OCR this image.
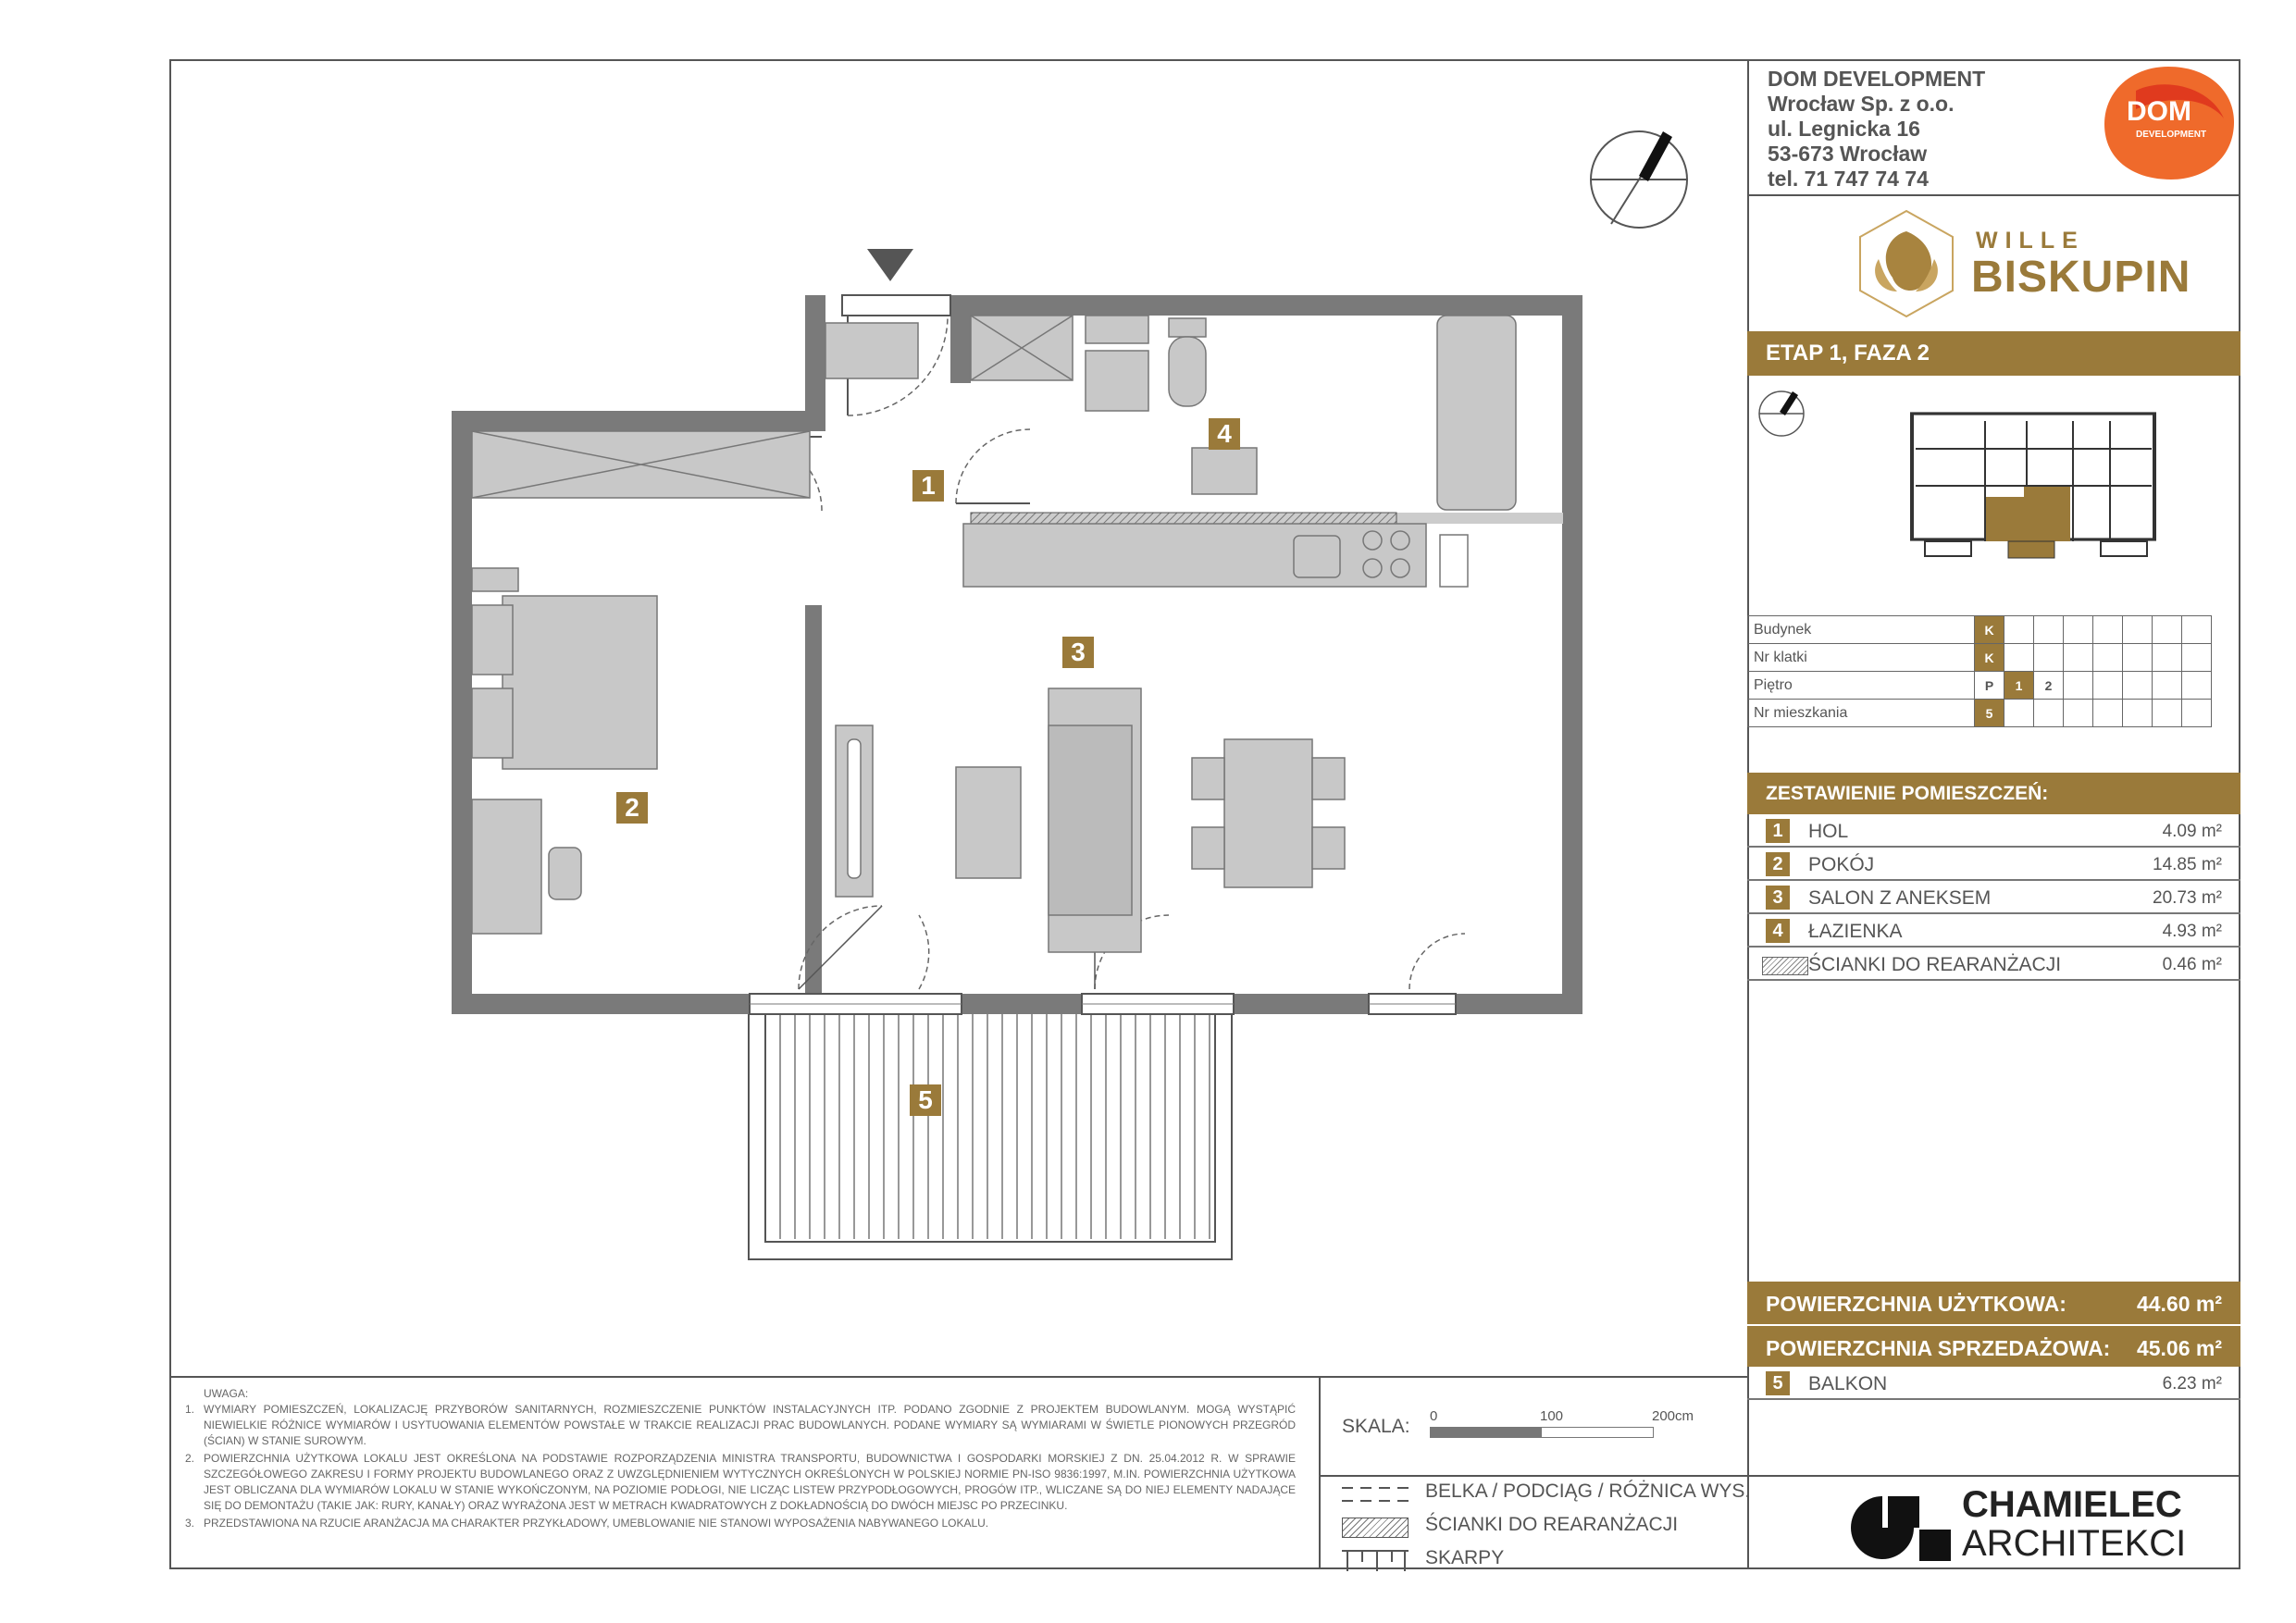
1
2
3
4
5
DOM DEVELOPMENT
Wrocław Sp. z o.o.
ul. Legnicka 16
53-673 Wrocław
tel. 71 747 74 74
DOM
DEVELOPMENT
WILLE
BISKUPIN
ETAP 1, FAZA 2
Budynek	K							
Nr klatki	K							
Piętro	P	1	2					
Nr mieszkania	5							
ZESTAWIENIE POMIESZCZEŃ:
1	HOL	4.09 m²
2	POKÓJ	14.85 m²
3	SALON Z ANEKSEM	20.73 m²
4	ŁAZIENKA	4.93 m²
ŚCIANKI DO REARANŻACJI	0.46 m²
POWIERZCHNIA UŻYTKOWA:	44.60 m²
POWIERZCHNIA SPRZEDAŻOWA: 45.06 m²
5	BALKON	6.23 m²
UWAGA:
1. WYMIARY POMIESZCZEŃ, LOKALIZACJĘ PRZYBORÓW SANITARNYCH, ROZMIESZCZENIE PUNKTÓW INSTALACYJNYCH ITP. PODANO ZGODNIE Z PROJEKTEM BUDOWLANYM. MOGĄ WYSTĄPIĆ NIEWIELKIE RÓŻNICE WYMIARÓW I USYTUOWANIA ELEMENTÓW POWSTAŁE W TRAKCIE REALIZACJI PRAC BUDOWLANYCH. PODANE WYMIARY SĄ WYMIARAMI W ŚWIETLE PIONOWYCH PRZEGRÓD (ŚCIAN) W STANIE SUROWYM.
2. POWIERZCHNIA UŻYTKOWA LOKALU JEST OKREŚLONA NA PODSTAWIE ROZPORZĄDZENIA MINISTRA TRANSPORTU, BUDOWNICTWA I GOSPODARKI MORSKIEJ Z DN. 25.04.2012 R. W SPRAWIE SZCZEGÓŁOWEGO ZAKRESU I FORMY PROJEKTU BUDOWLANEGO ORAZ Z UWZGLĘDNIENIEM WYTYCZNYCH OKREŚLONYCH W POLSKIEJ NORMIE PN-ISO 9836:1997, M.IN. POWIERZCHNIA UŻYTKOWA JEST OBLICZANA DLA WYMIARÓW LOKALU W STANIE WYKOŃCZONYM, NA POZIOMIE PODŁOGI, NIE LICZĄC LISTEW PRZYPODŁOGOWYCH, PROGÓW ITP., WLICZANE SĄ DO NIEJ ELEMENTY NADAJĄCE SIĘ DO DEMONTAŻU (TAKIE JAK: RURY, KANAŁY) ORAZ WYRAŻONA JEST W METRACH KWADRATOWYCH Z DOKŁADNOŚCIĄ DO DWÓCH MIEJSC PO PRZECINKU.
3. PRZEDSTAWIONA NA RZUCIE ARANŻACJA MA CHARAKTER PRZYKŁADOWY, UMEBLOWANIE NIE STANOWI WYPOSAŻENIA NABYWANEGO LOKALU.
SKALA: 0	100	200cm
BELKA / PODCIĄG / RÓŻNICA WYS.
ŚCIANKI DO REARANŻACJI
SKARPY
CHAMIELEC
ARCHITEKCI
